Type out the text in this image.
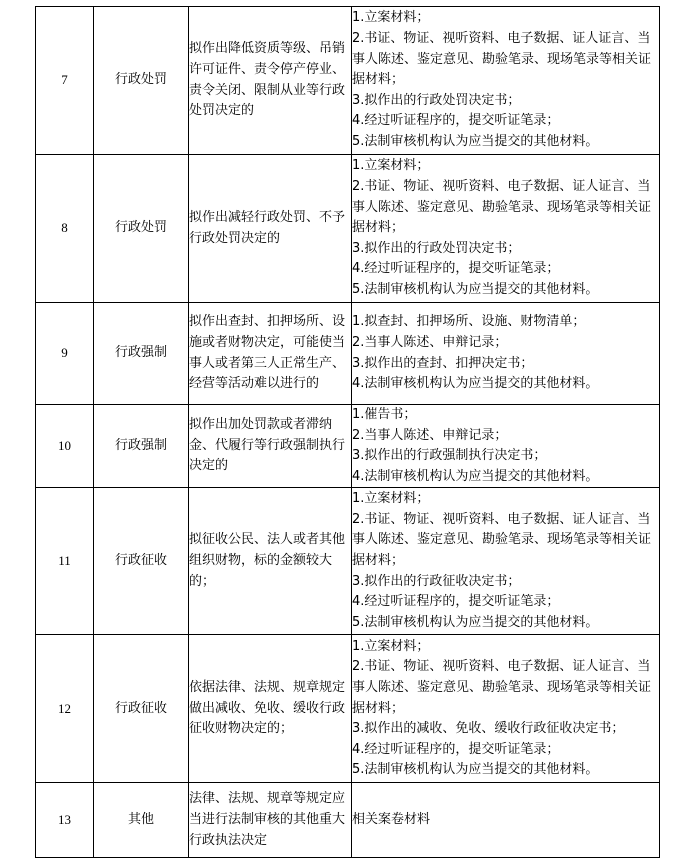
7	行政处罚	拟作出降低资质等级、吊销许可证件、责令停产停业、责令关闭、限制从业等行政处罚决定的	1.立案材料；
2.书证、物证、视听资料、电子数据、证人证言、当事人陈述、鉴定意见、勘验笔录、现场笔录等相关证据材料；
3.拟作出的行政处罚决定书；
4.经过听证程序的，提交听证笔录；
5.法制审核机构认为应当提交的其他材料。

8	行政处罚	拟作出减轻行政处罚、不予行政处罚决定的	1.立案材料；
2.书证、物证、视听资料、电子数据、证人证言、当事人陈述、鉴定意见、勘验笔录、现场笔录等相关证据材料；
3.拟作出的行政处罚决定书；
4.经过听证程序的，提交听证笔录；
5.法制审核机构认为应当提交的其他材料。

9	行政强制	拟作出查封、扣押场所、设施或者财物决定，可能使当事人或者第三人正常生产、经营等活动难以进行的	1.拟查封、扣押场所、设施、财物清单；
2.当事人陈述、申辩记录；
3.拟作出的查封、扣押决定书；
4.法制审核机构认为应当提交的其他材料。

10	行政强制	拟作出加处罚款或者滞纳金、代履行等行政强制执行决定的	1.催告书；
2.当事人陈述、申辩记录；
3.拟作出的行政强制执行决定书；
4.法制审核机构认为应当提交的其他材料。

11	行政征收	拟征收公民、法人或者其他组织财物，标的金额较大的；	1.立案材料；
2.书证、物证、视听资料、电子数据、证人证言、当事人陈述、鉴定意见、勘验笔录、现场笔录等相关证据材料；
3.拟作出的行政征收决定书；
4.经过听证程序的，提交听证笔录；
5.法制审核机构认为应当提交的其他材料。

12	行政征收	依据法律、法规、规章规定做出减收、免收、缓收行政征收财物决定的；	1.立案材料；
2.书证、物证、视听资料、电子数据、证人证言、当事人陈述、鉴定意见、勘验笔录、现场笔录等相关证据材料；
3.拟作出的减收、免收、缓收行政征收决定书；
4.经过听证程序的，提交听证笔录；
5.法制审核机构认为应当提交的其他材料。

13	其他	法律、法规、规章等规定应当进行法制审核的其他重大行政执法决定	相关案卷材料
